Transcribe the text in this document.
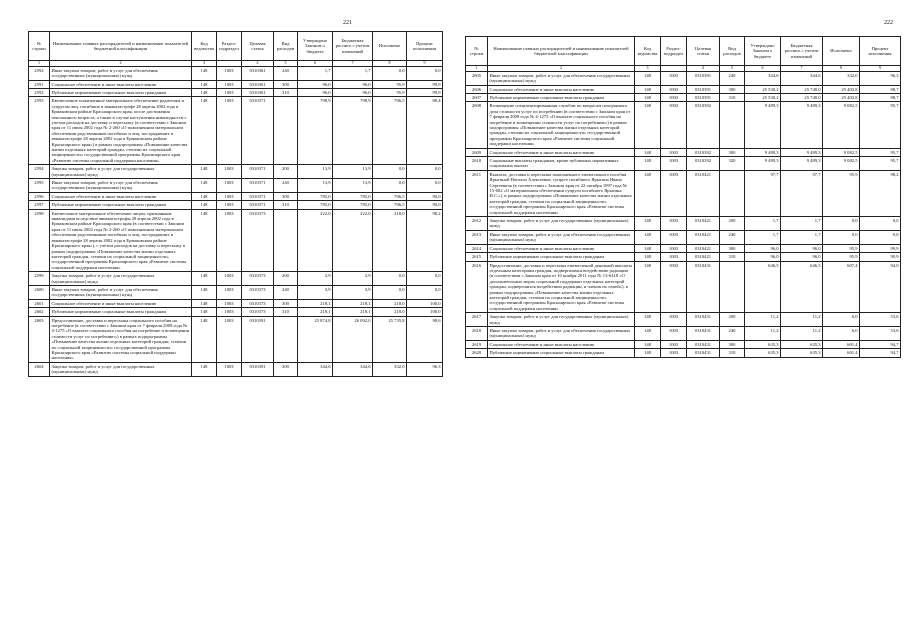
221
№ строки	Наименование главных распорядителей и наименование показателей бюджетной классификации	Код ведомства	Раздел-подраздел	Целевая статья	Вид расходов	Утверждено Законом о бюджете	Бюджетная роспись с учетом изменений	Исполнено	Процент исполнения
1	2	3		4	5	6	7	8	9
2592	Иные закупки товаров, работ и услуг для обеспечения государственных (муниципальных) нужд	148	1003	0310361	240	1,7	1,7	0,0	0,0
2591	Социальное обеспечение и иные выплаты населению	148	1003	0310361	300	96,0	96,0	95,9	99,9
2592	Публичные нормативные социальные выплаты гражданам	148	1003	0310361	310	96,0	96,0	95,9	99,9
2593	Ежемесячное пожизненное материальное обеспечение родителям и супругам лиц, погибших в авиакатастрофе 28 апреля 2002 года в Ермаковском районе Красноярского края, после достижения пенсионного возраста, а также в случае наступления инвалидности с учетом расходов на доставку и пересылку (в соответствии с Законом края от 11 июля 2002 года № 2-260 «О пожизненном материальном обеспечении родственников погибших и лиц, пострадавших в авиакатастрофе 28 апреля 2002 года в Ермаковском районе Красноярского края») в рамках подпрограммы «Повышение качества жизни отдельных категорий граждан, степени их социальной защищенности» государственной программы Красноярского края «Развитие системы социальной поддержки населения»	148	1003	0310371		798,9	798,9	706,5	88,4
2594	Закупка товаров, работ и услуг для государственных (муниципальных) нужд	148	1003	0310371	200	13,9	13,9	0,0	0,0
2595	Иные закупки товаров, работ и услуг для обеспечения государственных (муниципальных) нужд	148	1003	0310371	240	13,9	13,9	0,0	0,0
2596	Социальное обеспечение и иные выплаты населению	148	1003	0310371	300	785,0	785,0	706,5	90,0
2597	Публичные нормативные социальные выплаты гражданам	148	1003	0310371	310	785,0	785,0	706,5	90,0
2598	Ежемесячное материальное обеспечение лицам, признанным инвалидами вследствие авиакатастрофы 28 апреля 2002 года в Ермаковском районе Красноярского края (в соответствии с Законом края от 11 июля 2002 года № 2-260 «О пожизненном материальном обеспечении родственников погибших и лиц, пострадавших в авиакатастрофе 28 апреля 2002 года в Ермаковском районе Красноярского края»), с учетом расходов на доставку и пересылку в рамках подпрограммы «Повышение качества жизни отдельных категорий граждан, степени их социальной защищенности» государственной программы Красноярского края «Развитие системы социальной поддержки населения»	148	1003	0310373		222,0	222,0	218,0	98,2
2599	Закупка товаров, работ и услуг для государственных (муниципальных) нужд	148	1003	0310373	200	3,9	3,9	0,0	0,0
2600	Иные закупки товаров, работ и услуг для обеспечения государственных (муниципальных) нужд	148	1003	0310373	240	3,9	3,9	0,0	0,0
2601	Социальное обеспечение и иные выплаты населению	148	1003	0310373	300	218,1	218,1	218,0	100,0
2602	Публичные нормативные социальные выплаты гражданам	148	1003	0310373	310	218,1	218,1	218,0	100,0
2603	Предоставление, доставка и пересылка социального пособия на погребение (в соответствии с Законом края от 7 февраля 2008 года № 4-1275 «О выплате социального пособия на погребение и возмещении стоимости услуг по погребению») в рамках подпрограммы «Повышение качества жизни отдельных категорий граждан, степени их социальной защищенности» государственной программы Красноярского края «Развитие системы социальной поддержки населения»	148	1003	0310391		25 874,8	26 092,0	25 735,8	98,6
2604	Закупка товаров, работ и услуг для государственных (муниципальных) нужд	148	1003	0310391	200	344,6	344,6	332,0	96,3
222
№ строки	Наименование главных распорядителей и наименование показателей бюджетной классификации	Код ведомства	Раздел-подраздел	Целевая статья	Вид расходов	Утверждено Законом о бюджете	Бюджетная роспись с учетом изменений	Исполнено	Процент исполнения
1	2	3		4	5	6	7	8	9
2605	Иные закупки товаров, работ и услуг для обеспечения государственных (муниципальных) нужд	148	1003	0310391	240	344,6	344,6	332,0	96,3
2606	Социальное обеспечение и иные выплаты населению	148	1003	0310391	300	25 530,2	25 748,0	25 403,8	98,7
2607	Публичные нормативные социальные выплаты гражданам	148	1003	0310391	310	25 530,2	25 748,0	25 403,8	98,7
2608	Возмещение специализированным службам по вопросам похоронного дела стоимости услуг по погребению (в соответствии с Законом края от 7 февраля 2008 года № 4-1275 «О выплате социального пособия на погребение и возмещении стоимости услуг по погребению») в рамках подпрограммы «Повышение качества жизни отдельных категорий граждан, степени их социальной защищенности» государственной программы Красноярского края «Развитие системы социальной поддержки населения»	148	1003	0310392		9 489,3	9 489,3	9 082,5	95,7
2609	Социальное обеспечение и иные выплаты населению	148	1003	0310392	300	9 489,3	9 489,3	9 082,5	95,7
2610	Социальные выплаты гражданам, кроме публичных нормативных социальных выплат	148	1003	0310392	320	9 489,3	9 489,3	9 082,5	95,7
2611	Выплата, доставка и пересылка пожизненного ежемесячного пособия Ярыгиной Натальи Алексеевне, супруге погибшего Ярыгина Ивана Сергеевича (в соответствии с Законом края от 22 октября 1997 года № 15-602 «О материальном обеспечении супруги погибшего Ярыгина И.С.»), в рамках подпрограммы «Повышение качества жизни отдельных категорий граждан, степени их социальной защищенности» государственной программы Красноярского края «Развитие системы социальной поддержки населения»	148	1003	0310421		97,7	97,7	95,9	98,2
2612	Закупка товаров, работ и услуг для государственных (муниципальных) нужд	148	1003	0310421	200	1,7	1,7	0,0	0,0
2613	Иные закупки товаров, работ и услуг для обеспечения государственных (муниципальных) нужд	148	1003	0310421	240	1,7	1,7	0,0	0,0
2614	Социальное обеспечение и иные выплаты населению	148	1003	0310421	300	96,0	96,0	95,9	99,9
2615	Публичные нормативные социальные выплаты гражданам	148	1003	0310421	310	96,0	96,0	95,9	99,9
2616	Предоставление, доставка и пересылка ежемесячной денежной выплаты отдельным категориям граждан, подвергшимся воздействию радиации (в соответствии с Законом края от 10 ноября 2011 года № 13-6418 «О дополнительных мерах социальной поддержки отдельных категорий граждан, подвергшихся воздействию радиации, и членов их семей»), в рамках подпрограммы «Повышение качества жизни отдельных категорий граждан, степени их социальной защищенности» государственной программы Красноярского края «Развитие системы социальной поддержки населения»	148	1003	0310431		646,5	646,5	607,4	94,0
2617	Закупка товаров, работ и услуг для государственных (муниципальных) нужд	148	1003	0310431	200	11,2	11,2	6,0	53,6
2618	Иные закупки товаров, работ и услуг для обеспечения государственных (муниципальных) нужд	148	1003	0310431	240	11,2	11,2	6,0	53,6
2619	Социальное обеспечение и иные выплаты населению	148	1003	0310431	300	635,3	635,3	601,4	94,7
2620	Публичные нормативные социальные выплаты гражданам	148	1003	0310431	310	635,3	635,3	601,4	94,7
